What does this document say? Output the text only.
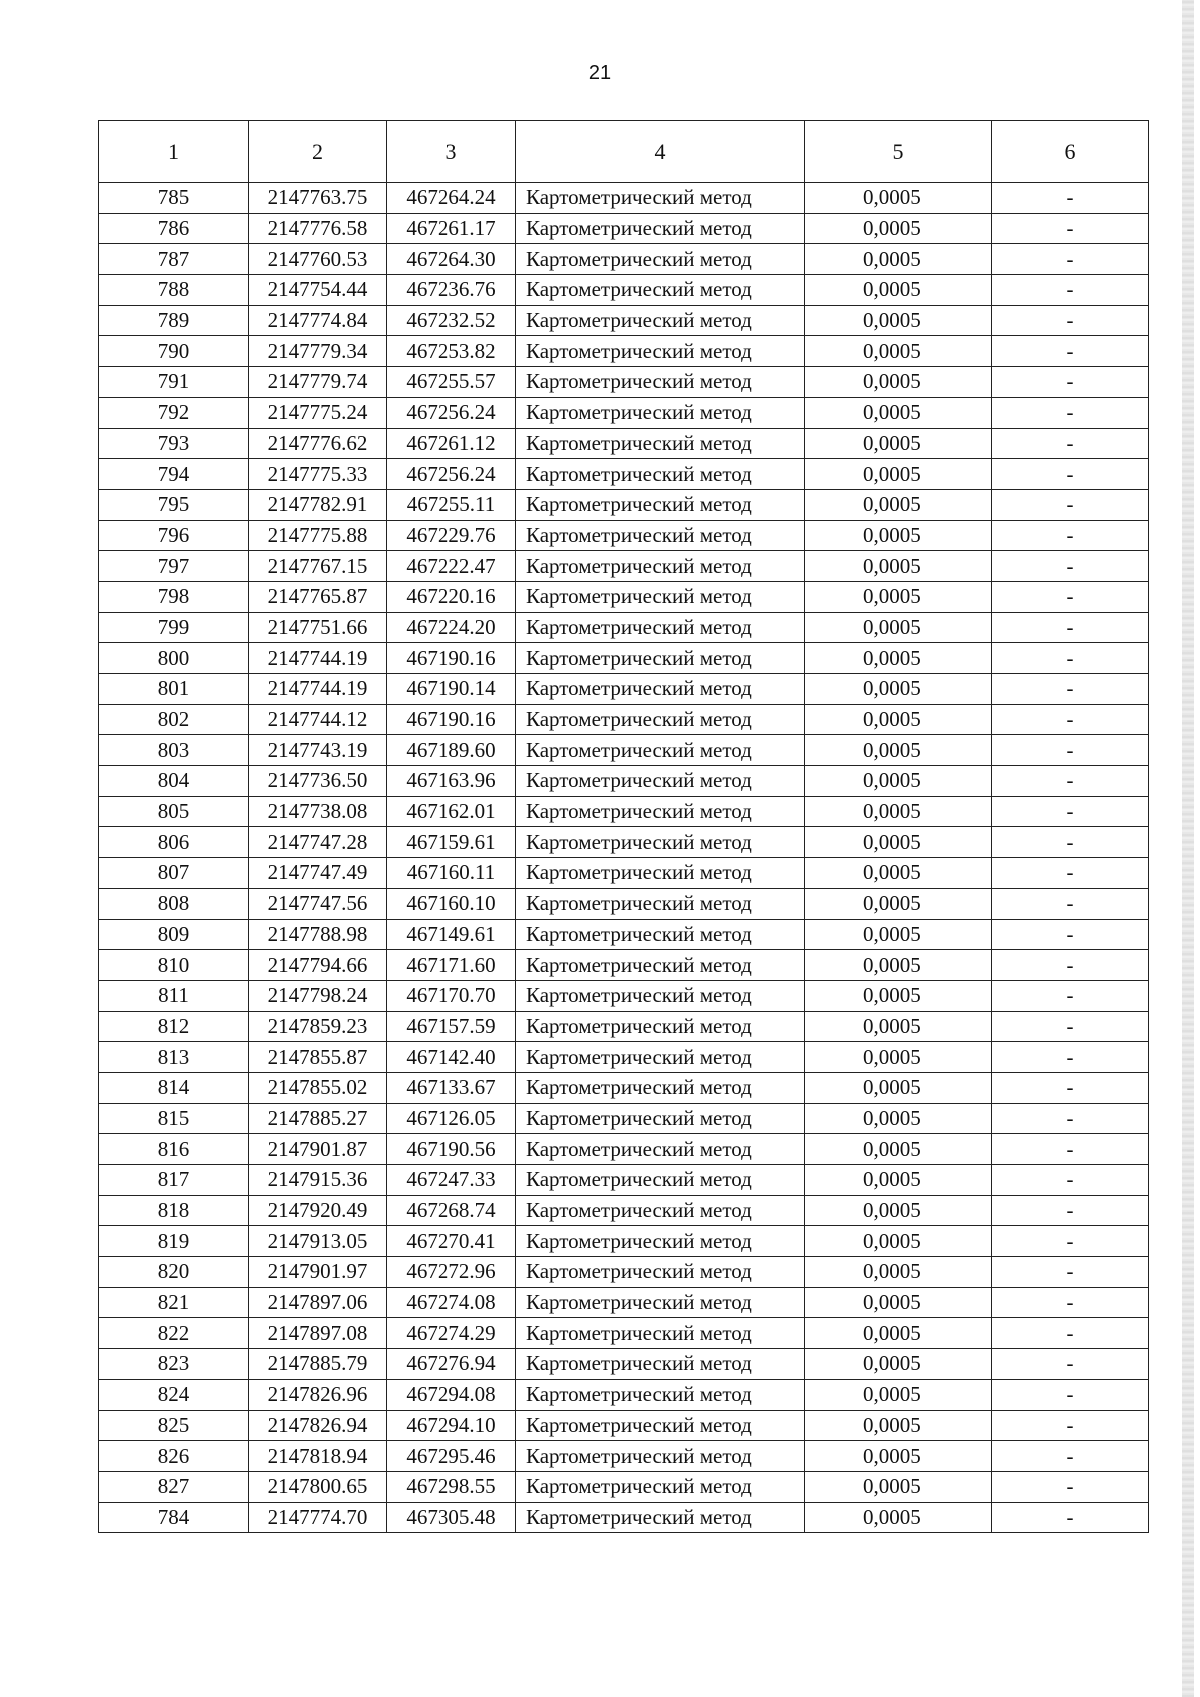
21
1	2	3	4	5	6
785	2147763.75	467264.24	Картометрический метод	0,0005	-
786	2147776.58	467261.17	Картометрический метод	0,0005	-
787	2147760.53	467264.30	Картометрический метод	0,0005	-
788	2147754.44	467236.76	Картометрический метод	0,0005	-
789	2147774.84	467232.52	Картометрический метод	0,0005	-
790	2147779.34	467253.82	Картометрический метод	0,0005	-
791	2147779.74	467255.57	Картометрический метод	0,0005	-
792	2147775.24	467256.24	Картометрический метод	0,0005	-
793	2147776.62	467261.12	Картометрический метод	0,0005	-
794	2147775.33	467256.24	Картометрический метод	0,0005	-
795	2147782.91	467255.11	Картометрический метод	0,0005	-
796	2147775.88	467229.76	Картометрический метод	0,0005	-
797	2147767.15	467222.47	Картометрический метод	0,0005	-
798	2147765.87	467220.16	Картометрический метод	0,0005	-
799	2147751.66	467224.20	Картометрический метод	0,0005	-
800	2147744.19	467190.16	Картометрический метод	0,0005	-
801	2147744.19	467190.14	Картометрический метод	0,0005	-
802	2147744.12	467190.16	Картометрический метод	0,0005	-
803	2147743.19	467189.60	Картометрический метод	0,0005	-
804	2147736.50	467163.96	Картометрический метод	0,0005	-
805	2147738.08	467162.01	Картометрический метод	0,0005	-
806	2147747.28	467159.61	Картометрический метод	0,0005	-
807	2147747.49	467160.11	Картометрический метод	0,0005	-
808	2147747.56	467160.10	Картометрический метод	0,0005	-
809	2147788.98	467149.61	Картометрический метод	0,0005	-
810	2147794.66	467171.60	Картометрический метод	0,0005	-
811	2147798.24	467170.70	Картометрический метод	0,0005	-
812	2147859.23	467157.59	Картометрический метод	0,0005	-
813	2147855.87	467142.40	Картометрический метод	0,0005	-
814	2147855.02	467133.67	Картометрический метод	0,0005	-
815	2147885.27	467126.05	Картометрический метод	0,0005	-
816	2147901.87	467190.56	Картометрический метод	0,0005	-
817	2147915.36	467247.33	Картометрический метод	0,0005	-
818	2147920.49	467268.74	Картометрический метод	0,0005	-
819	2147913.05	467270.41	Картометрический метод	0,0005	-
820	2147901.97	467272.96	Картометрический метод	0,0005	-
821	2147897.06	467274.08	Картометрический метод	0,0005	-
822	2147897.08	467274.29	Картометрический метод	0,0005	-
823	2147885.79	467276.94	Картометрический метод	0,0005	-
824	2147826.96	467294.08	Картометрический метод	0,0005	-
825	2147826.94	467294.10	Картометрический метод	0,0005	-
826	2147818.94	467295.46	Картометрический метод	0,0005	-
827	2147800.65	467298.55	Картометрический метод	0,0005	-
784	2147774.70	467305.48	Картометрический метод	0,0005	-
